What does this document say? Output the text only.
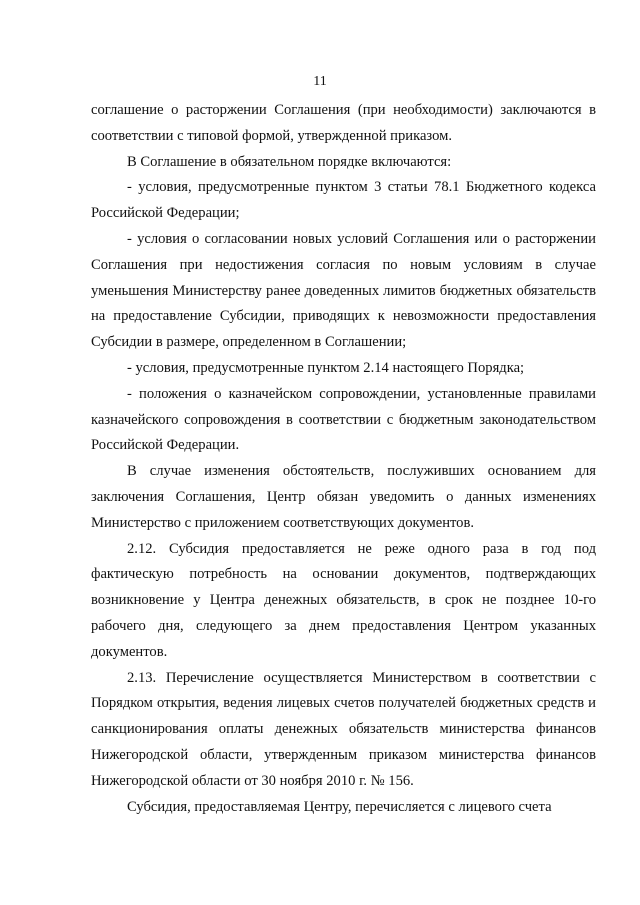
11

соглашение о расторжении Соглашения (при необходимости) заключаются в соответствии с типовой формой, утвержденной приказом.

В Соглашение в обязательном порядке включаются:

- условия, предусмотренные пунктом 3 статьи 78.1 Бюджетного кодекса Российской Федерации;

- условия о согласовании новых условий Соглашения или о расторжении Соглашения при недостижения согласия по новым условиям в случае уменьшения Министерству ранее доведенных лимитов бюджетных обязательств на предоставление Субсидии, приводящих к невозможности предоставления Субсидии в размере, определенном в Соглашении;

- условия, предусмотренные пунктом 2.14 настоящего Порядка;

- положения о казначейском сопровождении, установленные правилами казначейского сопровождения в соответствии с бюджетным законодательством Российской Федерации.

В случае изменения обстоятельств, послуживших основанием для заключения Соглашения, Центр обязан уведомить о данных изменениях Министерство с приложением соответствующих документов.

2.12. Субсидия предоставляется не реже одного раза в год под фактическую потребность на основании документов, подтверждающих возникновение у Центра денежных обязательств, в срок не позднее 10-го рабочего дня, следующего за днем предоставления Центром указанных документов.

2.13. Перечисление осуществляется Министерством в соответствии с Порядком открытия, ведения лицевых счетов получателей бюджетных средств и санкционирования оплаты денежных обязательств министерства финансов Нижегородской области, утвержденным приказом министерства финансов Нижегородской области от 30 ноября 2010 г. № 156.

Субсидия, предоставляемая Центру, перечисляется с лицевого счета
